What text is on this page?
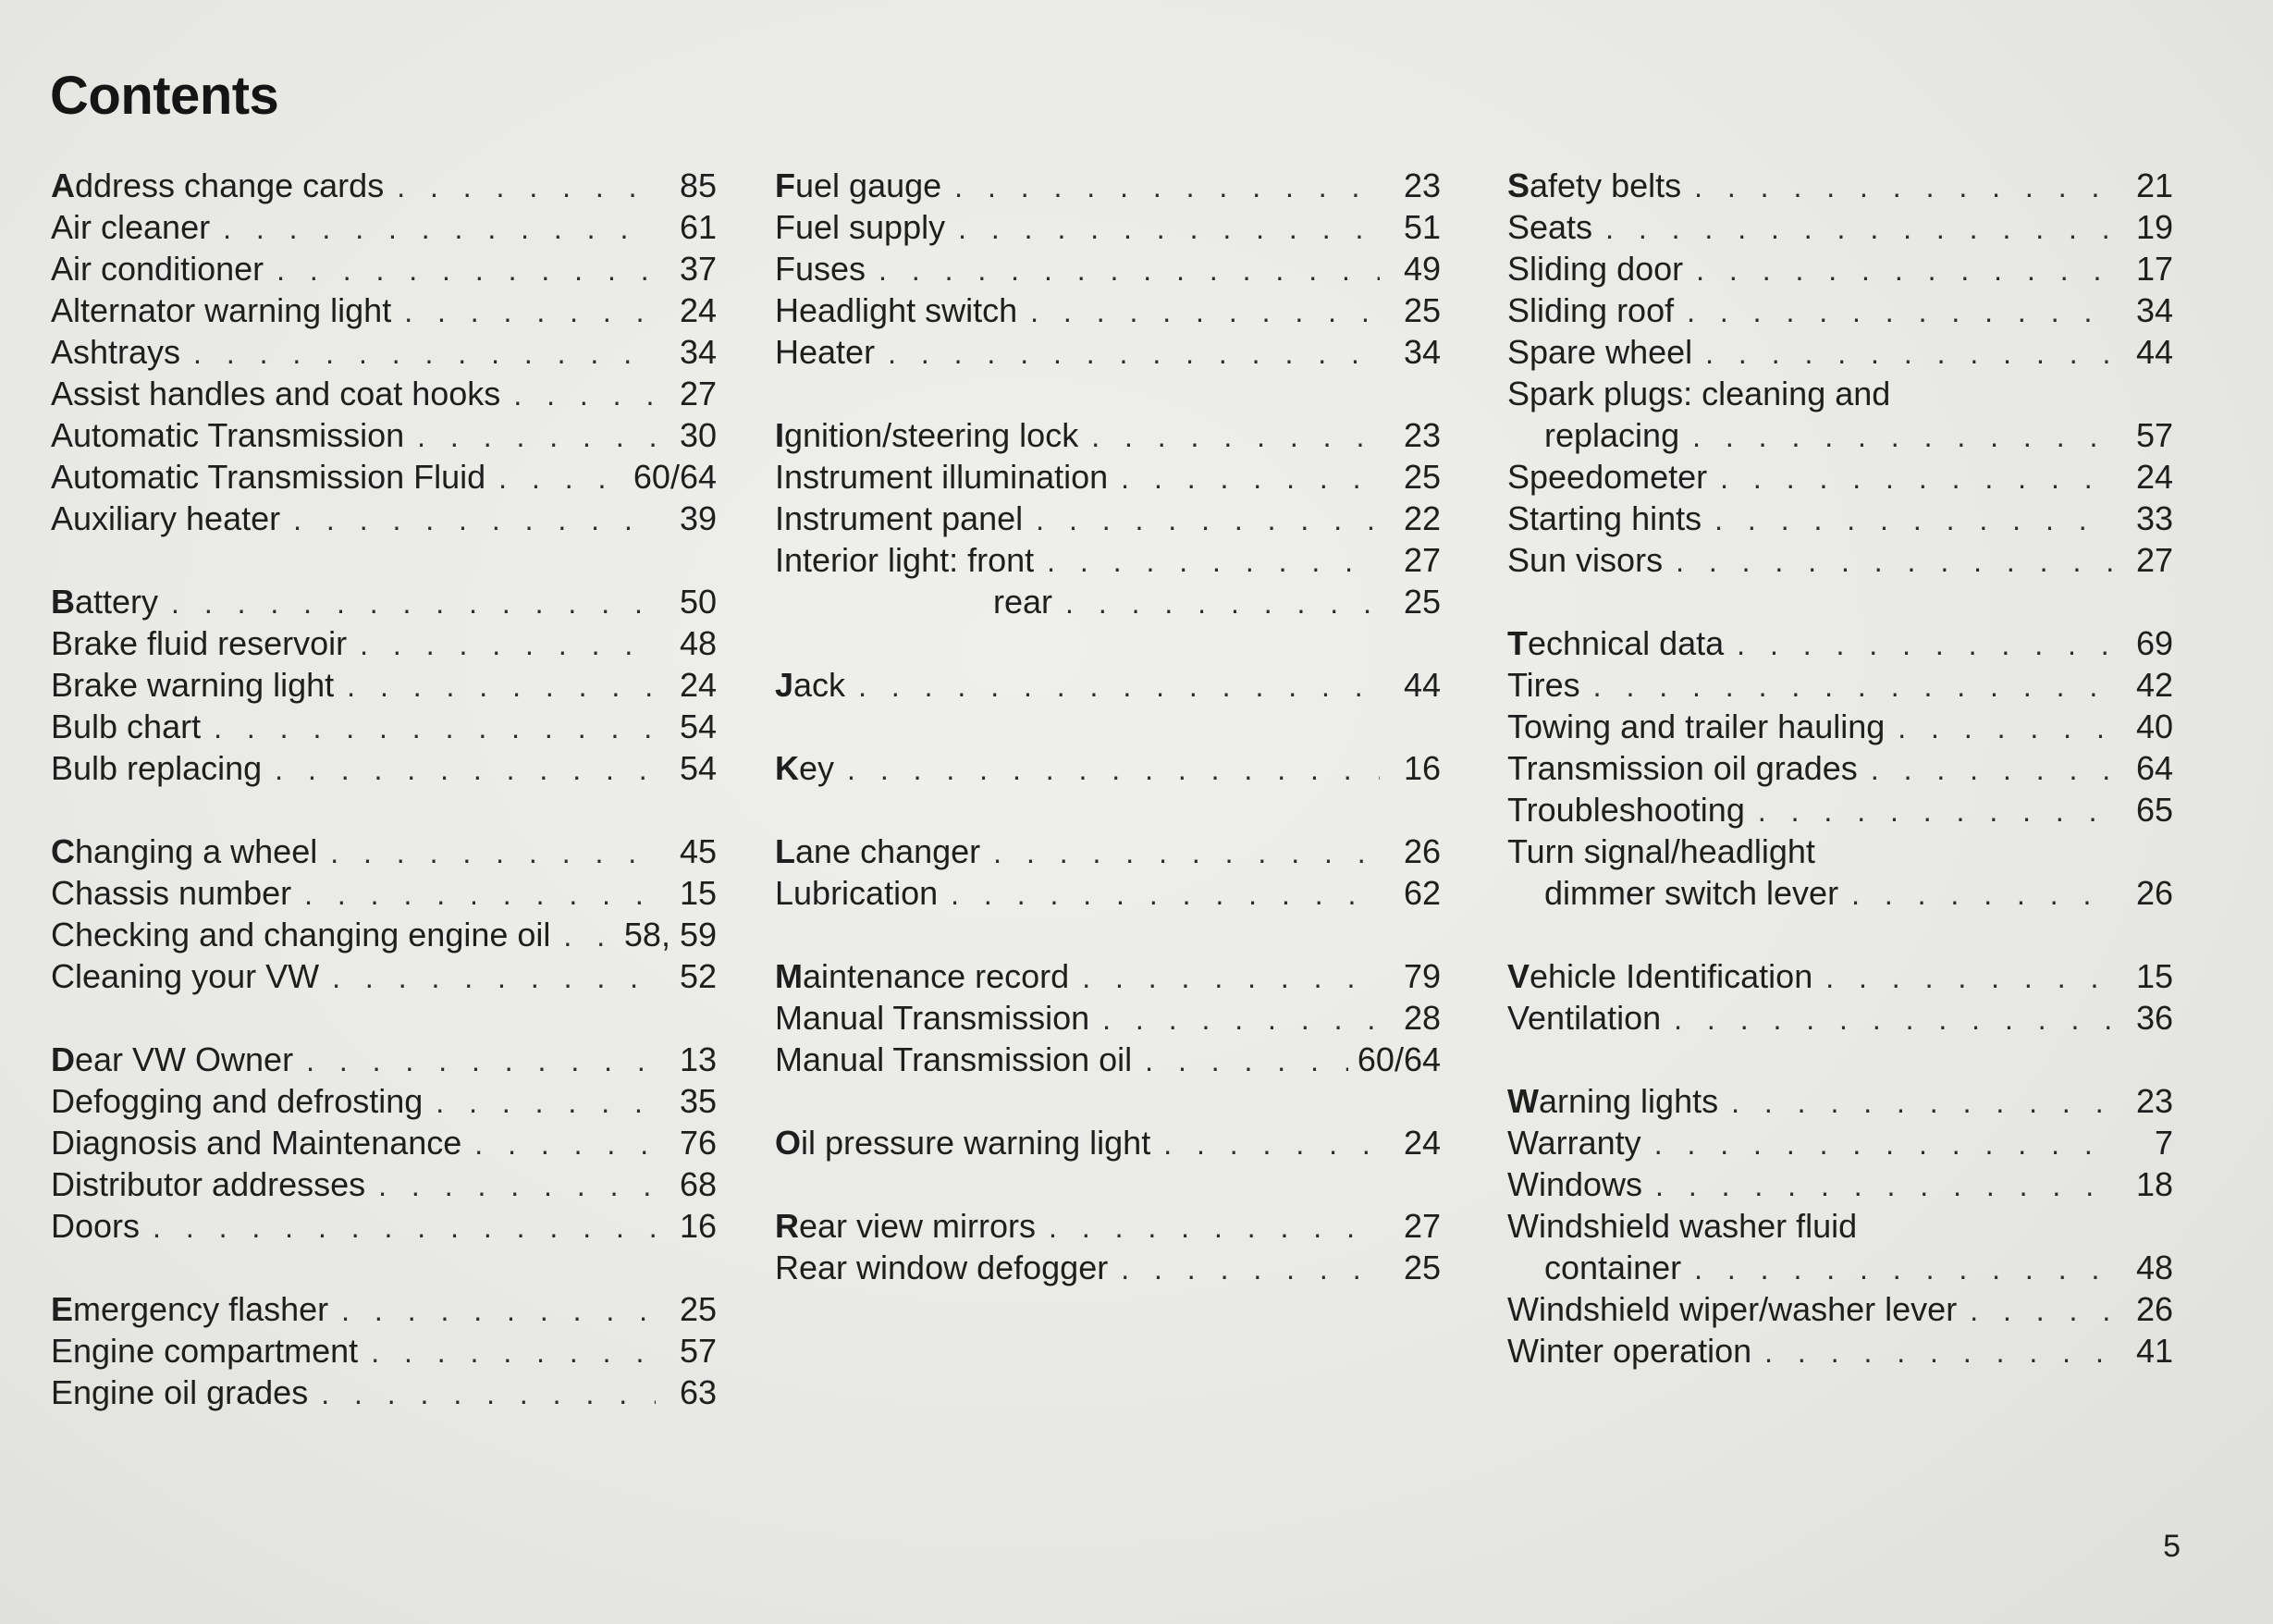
Contents
Address change cards . . .	85
Air cleaner . . .	61
Air conditioner . . .	37
Alternator warning light . . .	24
Ashtrays . . .	34
Assist handles and coat hooks . . .	27
Automatic Transmission . . .	30
Automatic Transmission Fluid . . .	60/64
Auxiliary heater . . .	39
Battery . . .	50
Brake fluid reservoir . . .	48
Brake warning light . . .	24
Bulb chart . . .	54
Bulb replacing . . .	54
Changing a wheel . . .	45
Chassis number . . .	15
Checking and changing engine oil . . . 58, 59
Cleaning your VW . . .	52
Dear VW Owner . . .	13
Defogging and defrosting . . .	35
Diagnosis and Maintenance . . .	76
Distributor addresses . . .	68
Doors . . .	16
Emergency flasher . . .	25
Engine compartment . . .	57
Engine oil grades . . .	63
Fuel gauge . . .	23
Fuel supply . . .	51
Fuses . . .	49
Headlight switch . . .	25
Heater . . .	34
Ignition/steering lock . . .	23
Instrument illumination . . .	25
Instrument panel . . .	22
Interior light: front . . .	27
rear . . .	25
Jack . . .	44
Key . . .	16
Lane changer . . .	26
Lubrication . . .	62
Maintenance record . . .	79
Manual Transmission . . .	28
Manual Transmission oil . . .	60/64
Oil pressure warning light . . .	24
Rear view mirrors . . .	27
Rear window defogger . . .	25
Safety belts . . .	21
Seats . . .	19
Sliding door . . .	17
Sliding roof . . .	34
Spare wheel . . .	44
Spark plugs: cleaning and
replacing . . .	57
Speedometer . . .	24
Starting hints . . .	33
Sun visors . . .	27
Technical data . . .	69
Tires . . .	42
Towing and trailer hauling . . .	40
Transmission oil grades . . .	64
Troubleshooting . . .	65
Turn signal/headlight
dimmer switch lever . . .	26
Vehicle Identification . . .	15
Ventilation . . .	36
Warning lights . . .	23
Warranty . . .	7
Windows . . .	18
Windshield washer fluid
container . . .	48
Windshield wiper/washer lever . . .	26
Winter operation . . .	41
5
